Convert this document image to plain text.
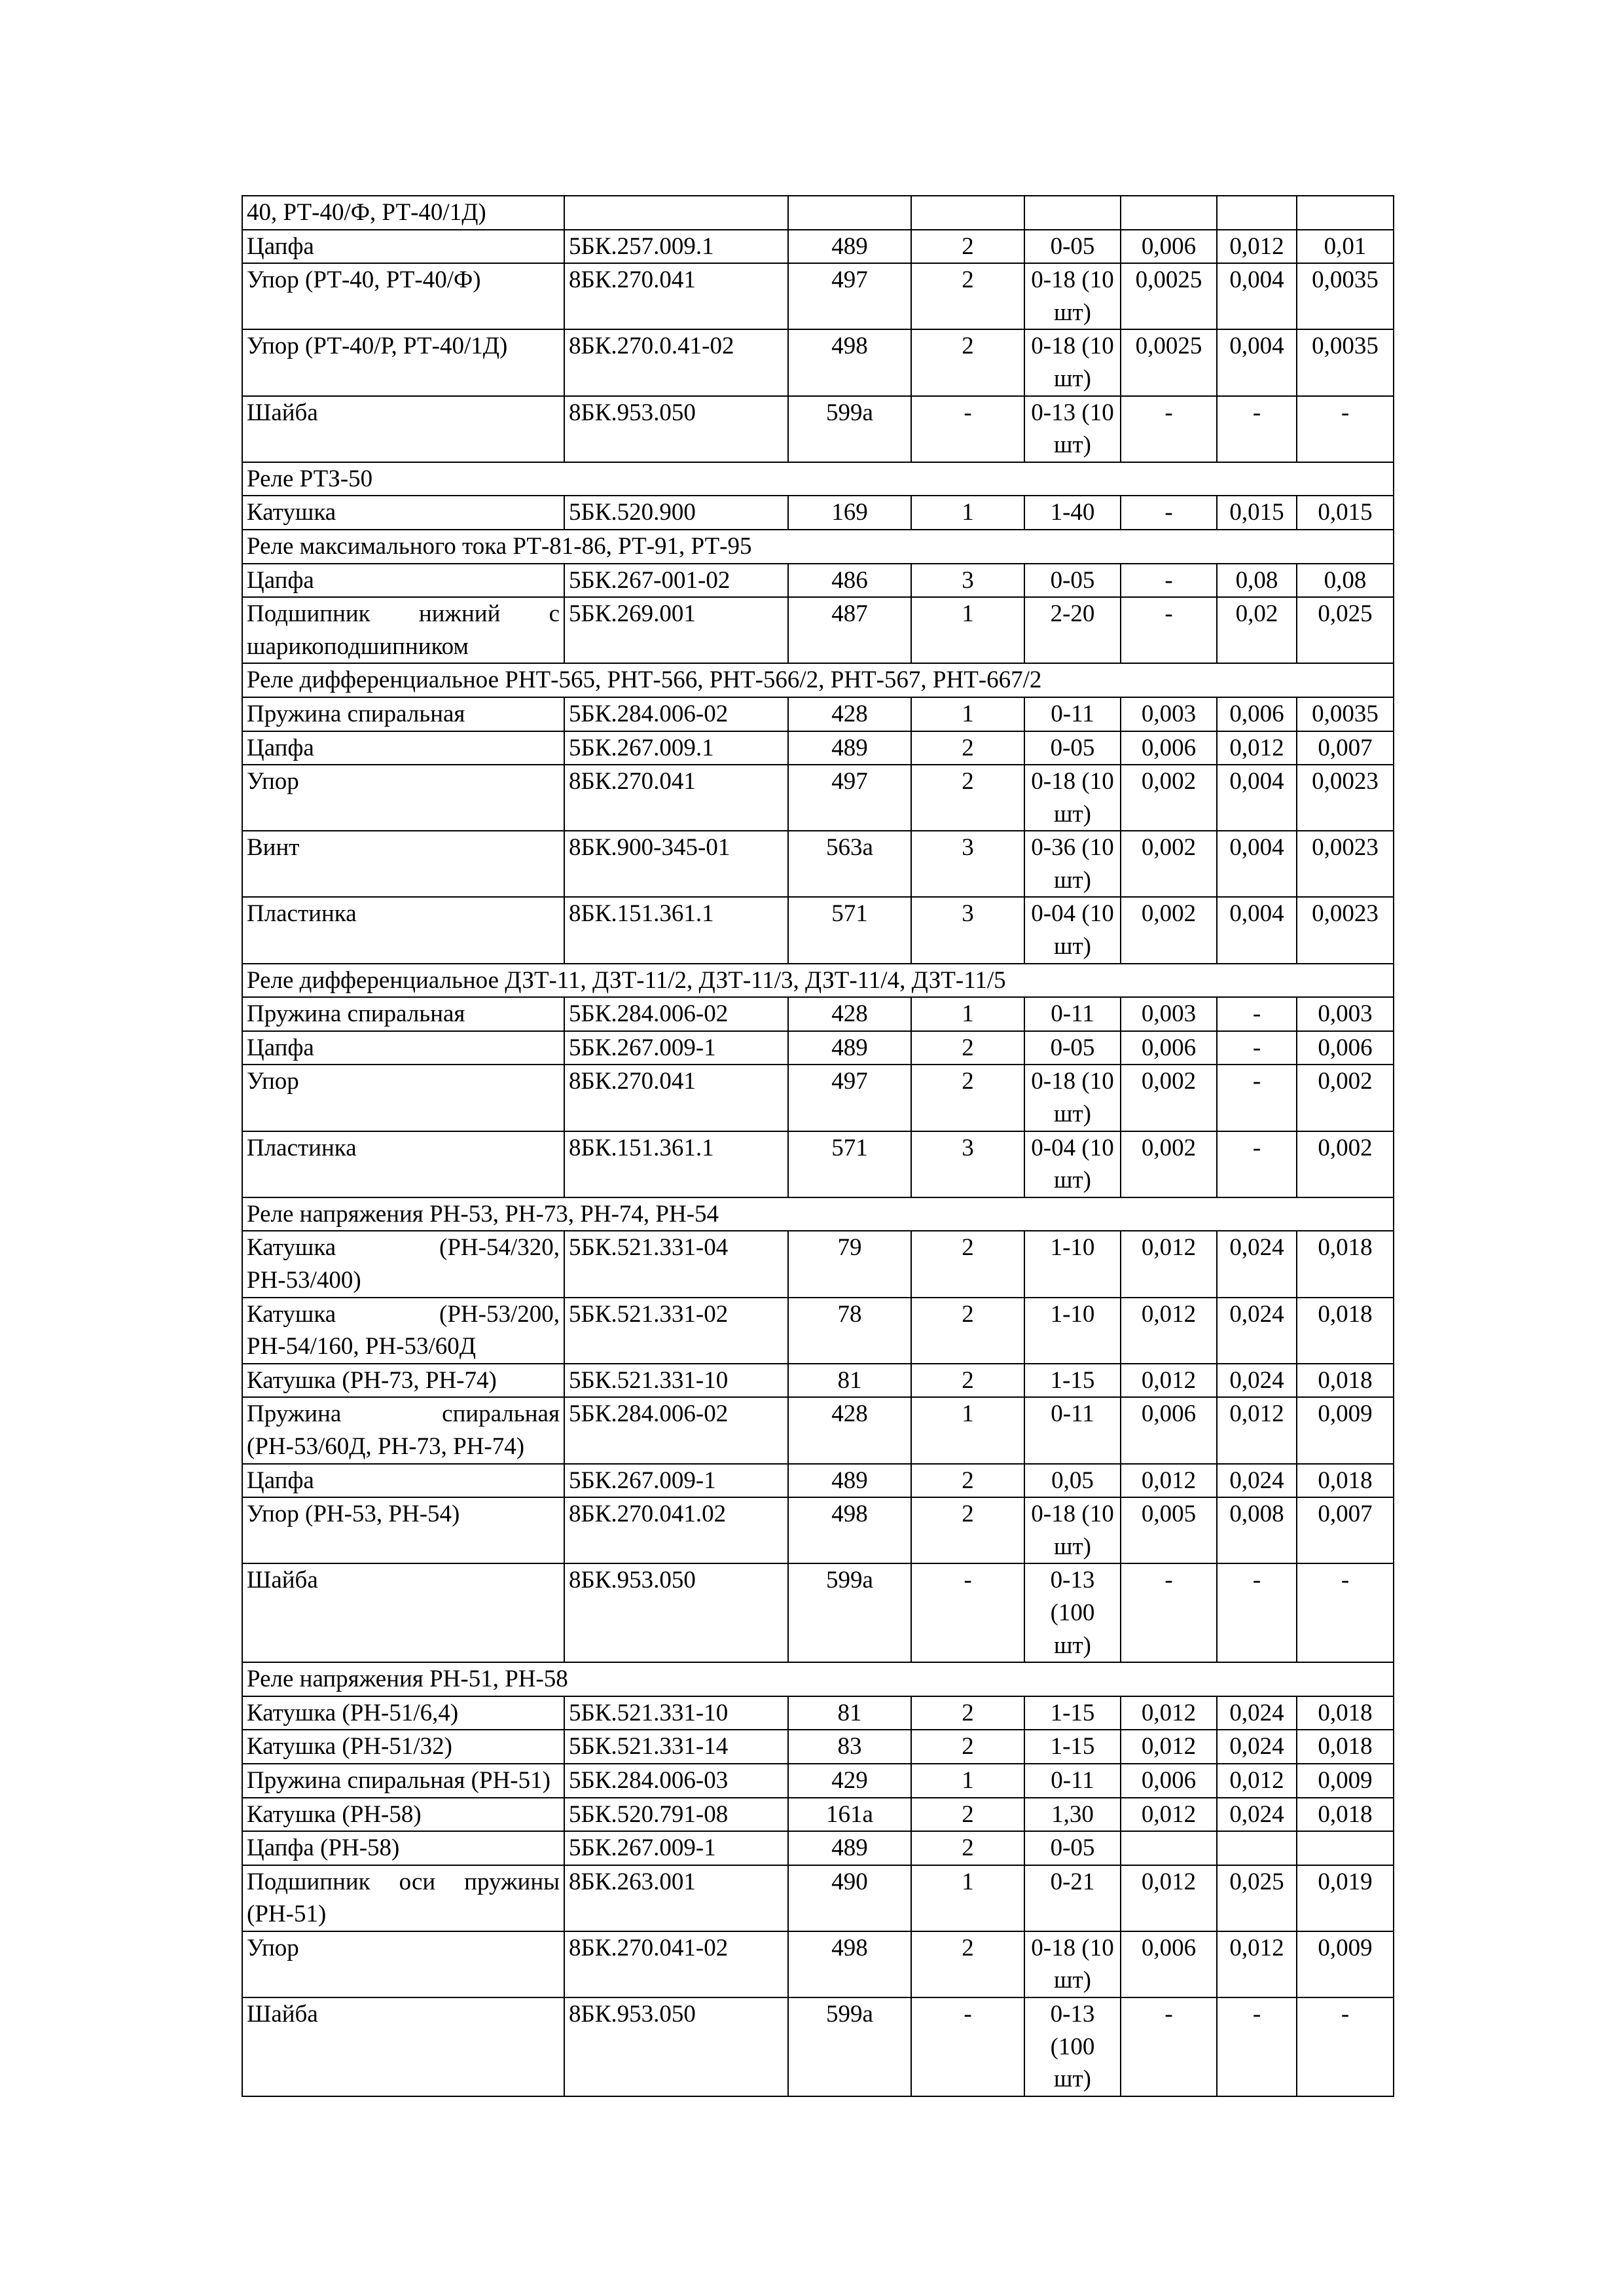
40, РТ-40/Ф, РТ-40/1Д)							
Цапфа	5БК.257.009.1	489	2	0-05	0,006	0,012	0,01
Упор (РТ-40, РТ-40/Ф)	8БК.270.041	497	2	0-18 (10 шт)	0,0025	0,004	0,0035
Упор (РТ-40/Р, РТ-40/1Д)	8БК.270.0.41-02	498	2	0-18 (10 шт)	0,0025	0,004	0,0035
Шайба	8БК.953.050	599а	-	0-13 (10 шт)	-	-	-
Реле РТЗ-50							
Катушка	5БК.520.900	169	1	1-40	-	0,015	0,015
Реле максимального тока РТ-81-86, РТ-91, РТ-95							
Цапфа	5БК.267-001-02	486	3	0-05	-	0,08	0,08
Подшипник нижний с шарикоподшипником	5БК.269.001	487	1	2-20	-	0,02	0,025
Реле дифференциальное РНТ-565, РНТ-566, РНТ-566/2, РНТ-567, РНТ-667/2							
Пружина спиральная	5БК.284.006-02	428	1	0-11	0,003	0,006	0,0035
Цапфа	5БК.267.009.1	489	2	0-05	0,006	0,012	0,007
Упор	8БК.270.041	497	2	0-18 (10 шт)	0,002	0,004	0,0023
Винт	8БК.900-345-01	563а	3	0-36 (10 шт)	0,002	0,004	0,0023
Пластинка	8БК.151.361.1	571	3	0-04 (10 шт)	0,002	0,004	0,0023
Реле дифференциальное ДЗТ-11, ДЗТ-11/2, ДЗТ-11/3, ДЗТ-11/4, ДЗТ-11/5							
Пружина спиральная	5БК.284.006-02	428	1	0-11	0,003	-	0,003
Цапфа	5БК.267.009-1	489	2	0-05	0,006	-	0,006
Упор	8БК.270.041	497	2	0-18 (10 шт)	0,002	-	0,002
Пластинка	8БК.151.361.1	571	3	0-04 (10 шт)	0,002	-	0,002
Реле напряжения РН-53, РН-73, РН-74, РН-54							
Катушка (РН-54/320, РН-53/400)	5БК.521.331-04	79	2	1-10	0,012	0,024	0,018
Катушка (РН-53/200, РН-54/160, РН-53/60Д	5БК.521.331-02	78	2	1-10	0,012	0,024	0,018
Катушка (РН-73, РН-74)	5БК.521.331-10	81	2	1-15	0,012	0,024	0,018
Пружина спиральная (РН-53/60Д, РН-73, РН-74)	5БК.284.006-02	428	1	0-11	0,006	0,012	0,009
Цапфа	5БК.267.009-1	489	2	0,05	0,012	0,024	0,018
Упор (РН-53, РН-54)	8БК.270.041.02	498	2	0-18 (10 шт)	0,005	0,008	0,007
Шайба	8БК.953.050	599а	-	0-13 (100 шт)	-	-	-
Реле напряжения РН-51, РН-58							
Катушка (РН-51/6,4)	5БК.521.331-10	81	2	1-15	0,012	0,024	0,018
Катушка (РН-51/32)	5БК.521.331-14	83	2	1-15	0,012	0,024	0,018
Пружина спиральная (РН-51)	5БК.284.006-03	429	1	0-11	0,006	0,012	0,009
Катушка (РН-58)	5БК.520.791-08	161а	2	1,30	0,012	0,024	0,018
Цапфа (РН-58)	5БК.267.009-1	489	2	0-05			
Подшипник оси пружины (РН-51)	8БК.263.001	490	1	0-21	0,012	0,025	0,019
Упор	8БК.270.041-02	498	2	0-18 (10 шт)	0,006	0,012	0,009
Шайба	8БК.953.050	599а	-	0-13 (100 шт)	-	-	-
